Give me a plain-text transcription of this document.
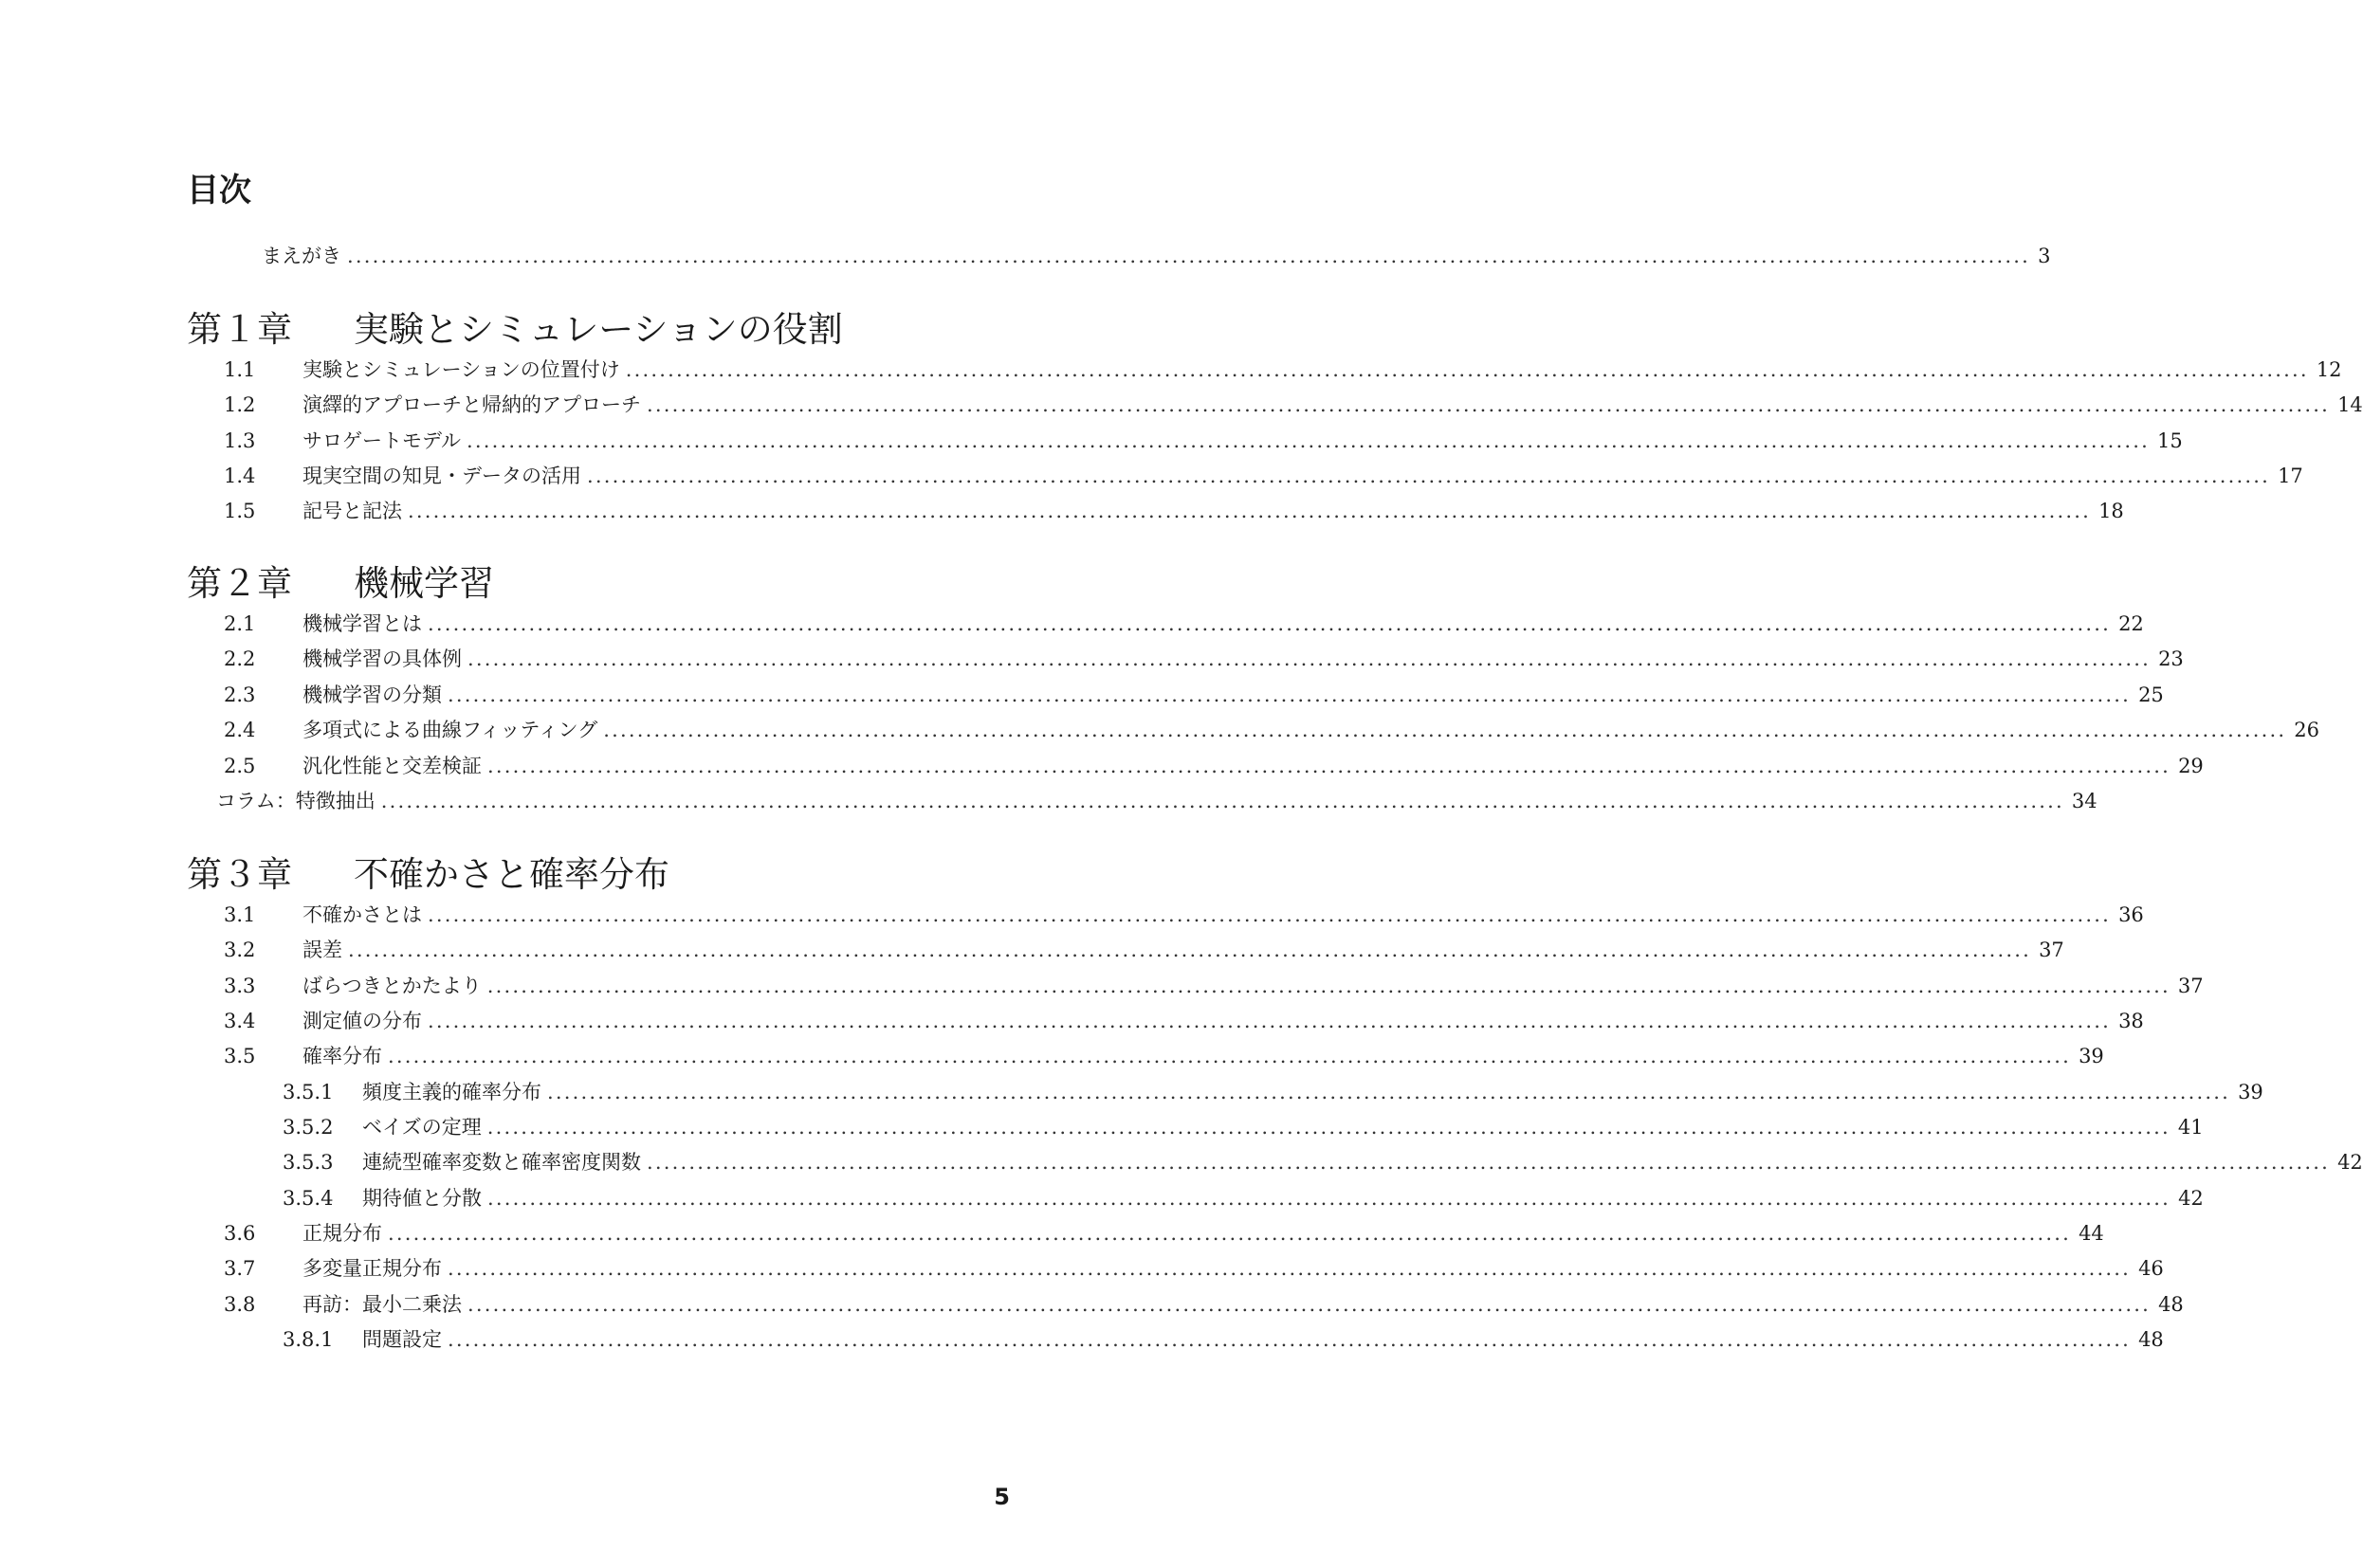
目次
まえがき ........................................................................................................................................................................................................ 3
第１章 実験とシミュレーションの役割
1.1 実験とシミュレーションの位置付け ........................................................................................................................................................................................................ 12
1.2 演繹的アプローチと帰納的アプローチ ........................................................................................................................................................................................................ 14
1.3 サロゲートモデル ........................................................................................................................................................................................................ 15
1.4 現実空間の知見・データの活用 ........................................................................................................................................................................................................ 17
1.5 記号と記法 ........................................................................................................................................................................................................ 18
第２章 機械学習
2.1 機械学習とは ........................................................................................................................................................................................................ 22
2.2 機械学習の具体例 ........................................................................................................................................................................................................ 23
2.3 機械学習の分類 ........................................................................................................................................................................................................ 25
2.4 多項式による曲線フィッティング ........................................................................................................................................................................................................ 26
2.5 汎化性能と交差検証 ........................................................................................................................................................................................................ 29
コラム：特徴抽出 ........................................................................................................................................................................................................ 34
第３章 不確かさと確率分布
3.1 不確かさとは ........................................................................................................................................................................................................ 36
3.2 誤差 ........................................................................................................................................................................................................ 37
3.3 ばらつきとかたより ........................................................................................................................................................................................................ 37
3.4 測定値の分布 ........................................................................................................................................................................................................ 38
3.5 確率分布 ........................................................................................................................................................................................................ 39
3.5.1 頻度主義的確率分布 ........................................................................................................................................................................................................ 39
3.5.2 ベイズの定理 ........................................................................................................................................................................................................ 41
3.5.3 連続型確率変数と確率密度関数 ........................................................................................................................................................................................................ 42
3.5.4 期待値と分散 ........................................................................................................................................................................................................ 42
3.6 正規分布 ........................................................................................................................................................................................................ 44
3.7 多変量正規分布 ........................................................................................................................................................................................................ 46
3.8 再訪：最小二乗法 ........................................................................................................................................................................................................ 48
3.8.1 問題設定 ........................................................................................................................................................................................................ 48
5
